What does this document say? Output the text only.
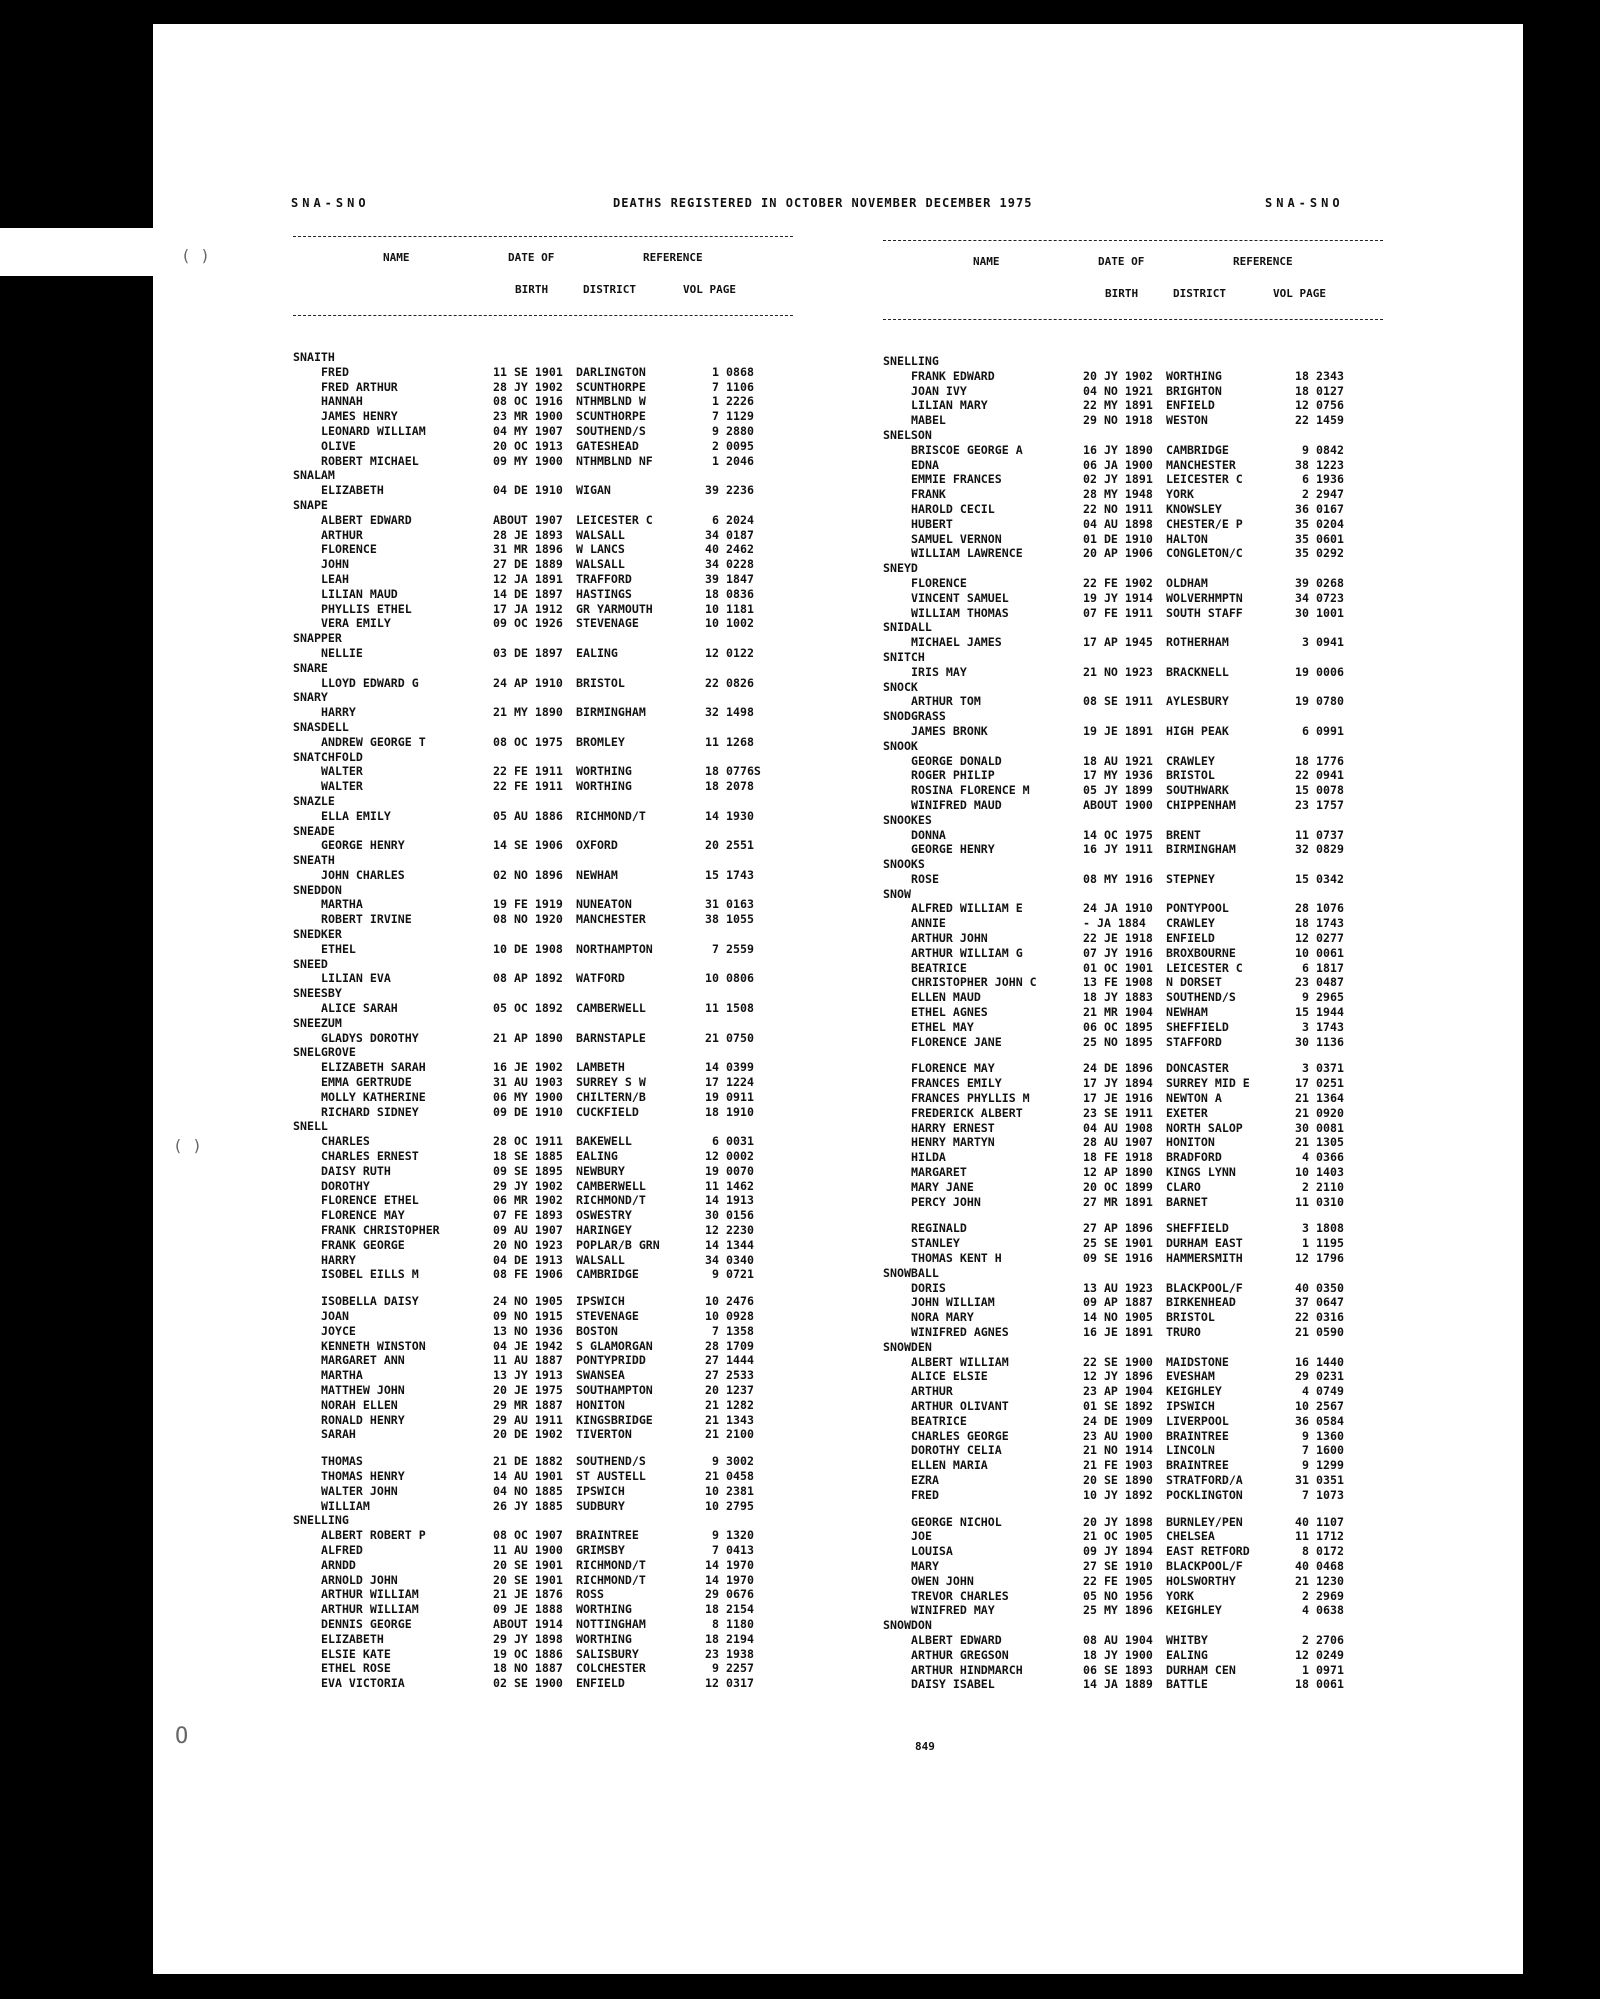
SNA-SNO	DEATHS REGISTERED IN OCTOBER NOVEMBER DECEMBER 1975	SNA-SNO
NAME	DATE OF
BIRTH
REFERENCE
DISTRICT	VOL PAGE
SNAITH
FRED	11 SE 1901 DARLINGTON	1 0868
FRED ARTHUR	28 JY 1902 SCUNTHORPE	7 1106
HANNAH	08 OC 1916 NTHMBLND W	1 2226
JAMES HENRY	23 MR 1900 SCUNTHORPE	7 1129
LEONARD WILLIAM	04 MY 1907 SOUTHEND/S	9 2880
OLIVE	20 OC 1913 GATESHEAD	2 0095
ROBERT MICHAEL	09 MY 1900 NTHMBLND NF	1 2046
SNALAM
ELIZABETH	04 DE 1910 WIGAN	39 2236
SNAPE
ALBERT EDWARD	ABOUT 1907 LEICESTER C	6 2024
ARTHUR	28 JE 1893 WALSALL	34 0187
FLORENCE	31 MR 1896 W LANCS	40 2462
JOHN	27 DE 1889 WALSALL	34 0228
LEAH	12 JA 1891 TRAFFORD	39 1847
LILIAN MAUD	14 DE 1897 HASTINGS	18 0836
PHYLLIS ETHEL	17 JA 1912 GR YARMOUTH	10 1181
VERA EMILY	09 OC 1926 STEVENAGE	10 1002
SNAPPER
NELLIE	03 DE 1897 EALING	12 0122
SNARE
LLOYD EDWARD G	24 AP 1910 BRISTOL	22 0826
SNARY
HARRY	21 MY 1890 BIRMINGHAM	32 1498
SNASDELL
ANDREW GEORGE T	08 OC 1975 BROMLEY	11 1268
SNATCHFOLD
WALTER	22 FE 1911 WORTHING	18 0776S
WALTER	22 FE 1911 WORTHING	18 2078
SNAZLE
ELLA EMILY	05 AU 1886 RICHMOND/T	14 1930
SNEADE
GEORGE HENRY	14 SE 1906 OXFORD	20 2551
SNEATH
JOHN CHARLES	02 NO 1896 NEWHAM	15 1743
SNEDDON
MARTHA	19 FE 1919 NUNEATON	31 0163
ROBERT IRVINE	08 NO 1920 MANCHESTER	38 1055
SNEDKER
ETHEL	10 DE 1908 NORTHAMPTON	7 2559
SNEED
LILIAN EVA	08 AP 1892 WATFORD	10 0806
SNEESBY
ALICE SARAH	05 OC 1892 CAMBERWELL	11 1508
SNEEZUM
GLADYS DOROTHY	21 AP 1890 BARNSTAPLE	21 0750
SNELGROVE
ELIZABETH SARAH	16 JE 1902 LAMBETH	14 0399
EMMA GERTRUDE	31 AU 1903 SURREY S W	17 1224
MOLLY KATHERINE	06 MY 1900 CHILTERN/B	19 0911
RICHARD SIDNEY	09 DE 1910 CUCKFIELD	18 1910
SNELL
CHARLES	28 OC 1911 BAKEWELL	6 0031
CHARLES ERNEST	18 SE 1885 EALING	12 0002
DAISY RUTH	09 SE 1895 NEWBURY	19 0070
DOROTHY	29 JY 1902 CAMBERWELL	11 1462
FLORENCE ETHEL	06 MR 1902 RICHMOND/T	14 1913
FLORENCE MAY	07 FE 1893 OSWESTRY	30 0156
FRANK CHRISTOPHER	09 AU 1907 HARINGEY	12 2230
FRANK GEORGE	20 NO 1923 POPLAR/B GRN	14 1344
HARRY	04 DE 1913 WALSALL	34 0340
ISOBEL EILLS M	08 FE 1906 CAMBRIDGE	9 0721
ISOBELLA DAISY	24 NO 1905 IPSWICH	10 2476
JOAN	09 NO 1915 STEVENAGE	10 0928
JOYCE	13 NO 1936 BOSTON	7 1358
KENNETH WINSTON	04 JE 1942 S GLAMORGAN	28 1709
MARGARET ANN	11 AU 1887 PONTYPRIDD	27 1444
MARTHA	13 JY 1913 SWANSEA	27 2533
MATTHEW JOHN	20 JE 1975 SOUTHAMPTON	20 1237
NORAH ELLEN	29 MR 1887 HONITON	21 1282
RONALD HENRY	29 AU 1911 KINGSBRIDGE	21 1343
SARAH	20 DE 1902 TIVERTON	21 2100
THOMAS	21 DE 1882 SOUTHEND/S	9 3002
THOMAS HENRY	14 AU 1901 ST AUSTELL	21 0458
WALTER JOHN	04 NO 1885 IPSWICH	10 2381
WILLIAM	26 JY 1885 SUDBURY	10 2795
SNELLING
ALBERT ROBERT P	08 OC 1907 BRAINTREE	9 1320
ALFRED	11 AU 1900 GRIMSBY	7 0413
ARNDD	20 SE 1901 RICHMOND/T	14 1970
ARNOLD JOHN	20 SE 1901 RICHMOND/T	14 1970
ARTHUR WILLIAM	21 JE 1876 ROSS	29 0676
ARTHUR WILLIAM	09 JE 1888 WORTHING	18 2154
DENNIS GEORGE	ABOUT 1914 NOTTINGHAM	8 1180
ELIZABETH	29 JY 1898 WORTHING	18 2194
ELSIE KATE	19 OC 1886 SALISBURY	23 1938
ETHEL ROSE	18 NO 1887 COLCHESTER	9 2257
EVA VICTORIA	02 SE 1900 ENFIELD	12 0317
NAME	DATE OF
BIRTH
REFERENCE
DISTRICT	VOL PAGE
SNELLING
FRANK EDWARD	20 JY 1902 WORTHING	18 2343
JOAN IVY	04 NO 1921 BRIGHTON	18 0127
LILIAN MARY	22 MY 1891 ENFIELD	12 0756
MABEL	29 NO 1918 WESTON	22 1459
SNELSON
BRISCOE GEORGE A	16 JY 1890 CAMBRIDGE	9 0842
EDNA	06 JA 1900 MANCHESTER	38 1223
EMMIE FRANCES	02 JY 1891 LEICESTER C	6 1936
FRANK	28 MY 1948 YORK	2 2947
HAROLD CECIL	22 NO 1911 KNOWSLEY	36 0167
HUBERT	04 AU 1898 CHESTER/E P	35 0204
SAMUEL VERNON	01 DE 1910 HALTON	35 0601
WILLIAM LAWRENCE	20 AP 1906 CONGLETON/C	35 0292
SNEYD
FLORENCE	22 FE 1902 OLDHAM	39 0268
VINCENT SAMUEL	19 JY 1914 WOLVERHMPTN	34 0723
WILLIAM THOMAS	07 FE 1911 SOUTH STAFF	30 1001
SNIDALL
MICHAEL JAMES	17 AP 1945 ROTHERHAM	3 0941
SNITCH
IRIS MAY	21 NO 1923 BRACKNELL	19 0006
SNOCK
ARTHUR TOM	08 SE 1911 AYLESBURY	19 0780
SNODGRASS
JAMES BRONK	19 JE 1891 HIGH PEAK	6 0991
SNOOK
GEORGE DONALD	18 AU 1921 CRAWLEY	18 1776
ROGER PHILIP	17 MY 1936 BRISTOL	22 0941
ROSINA FLORENCE M	05 JY 1899 SOUTHWARK	15 0078
WINIFRED MAUD	ABOUT 1900 CHIPPENHAM	23 1757
SNOOKES
DONNA	14 OC 1975 BRENT	11 0737
GEORGE HENRY	16 JY 1911 BIRMINGHAM	32 0829
SNOOKS
ROSE	08 MY 1916 STEPNEY	15 0342
SNOW
ALFRED WILLIAM E	24 JA 1910 PONTYPOOL	28 1076
ANNIE	- JA 1884 CRAWLEY	18 1743
ARTHUR JOHN	22 JE 1918 ENFIELD	12 0277
ARTHUR WILLIAM G	07 JY 1916 BROXBOURNE	10 0061
BEATRICE	01 OC 1901 LEICESTER C	6 1817
CHRISTOPHER JOHN C	13 FE 1908 N DORSET	23 0487
ELLEN MAUD	18 JY 1883 SOUTHEND/S	9 2965
ETHEL AGNES	21 MR 1904 NEWHAM	15 1944
ETHEL MAY	06 OC 1895 SHEFFIELD	3 1743
FLORENCE JANE	25 NO 1895 STAFFORD	30 1136
FLORENCE MAY	24 DE 1896 DONCASTER	3 0371
FRANCES EMILY	17 JY 1894 SURREY MID E	17 0251
FRANCES PHYLLIS M	17 JE 1916 NEWTON A	21 1364
FREDERICK ALBERT	23 SE 1911 EXETER	21 0920
HARRY ERNEST	04 AU 1908 NORTH SALOP	30 0081
HENRY MARTYN	28 AU 1907 HONITON	21 1305
HILDA	18 FE 1918 BRADFORD	4 0366
MARGARET	12 AP 1890 KINGS LYNN	10 1403
MARY JANE	20 OC 1899 CLARO	2 2110
PERCY JOHN	27 MR 1891 BARNET	11 0310
REGINALD	27 AP 1896 SHEFFIELD	3 1808
STANLEY	25 SE 1901 DURHAM EAST	1 1195
THOMAS KENT H	09 SE 1916 HAMMERSMITH	12 1796
SNOWBALL
DORIS	13 AU 1923 BLACKPOOL/F	40 0350
JOHN WILLIAM	09 AP 1887 BIRKENHEAD	37 0647
NORA MARY	14 NO 1905 BRISTOL	22 0316
WINIFRED AGNES	16 JE 1891 TRURO	21 0590
SNOWDEN
ALBERT WILLIAM	22 SE 1900 MAIDSTONE	16 1440
ALICE ELSIE	12 JY 1896 EVESHAM	29 0231
ARTHUR	23 AP 1904 KEIGHLEY	4 0749
ARTHUR OLIVANT	01 SE 1892 IPSWICH	10 2567
BEATRICE	24 DE 1909 LIVERPOOL	36 0584
CHARLES GEORGE	23 AU 1900 BRAINTREE	9 1360
DOROTHY CELIA	21 NO 1914 LINCOLN	7 1600
ELLEN MARIA	21 FE 1903 BRAINTREE	9 1299
EZRA	20 SE 1890 STRATFORD/A	31 0351
FRED	10 JY 1892 POCKLINGTON	7 1073
GEORGE NICHOL	20 JY 1898 BURNLEY/PEN	40 1107
JOE	21 OC 1905 CHELSEA	11 1712
LOUISA	09 JY 1894 EAST RETFORD	8 0172
MARY	27 SE 1910 BLACKPOOL/F	40 0468
OWEN JOHN	22 FE 1905 HOLSWORTHY	21 1230
TREVOR CHARLES	05 NO 1956 YORK	2 2969
WINIFRED MAY	25 MY 1896 KEIGHLEY	4 0638
SNOWDON
ALBERT EDWARD	08 AU 1904 WHITBY	2 2706
ARTHUR GREGSON	18 JY 1900 EALING	12 0249
ARTHUR HINDMARCH	06 SE 1893 DURHAM CEN	1 0971
DAISY ISABEL	14 JA 1889 BATTLE	18 0061
849
( )
( )
O
